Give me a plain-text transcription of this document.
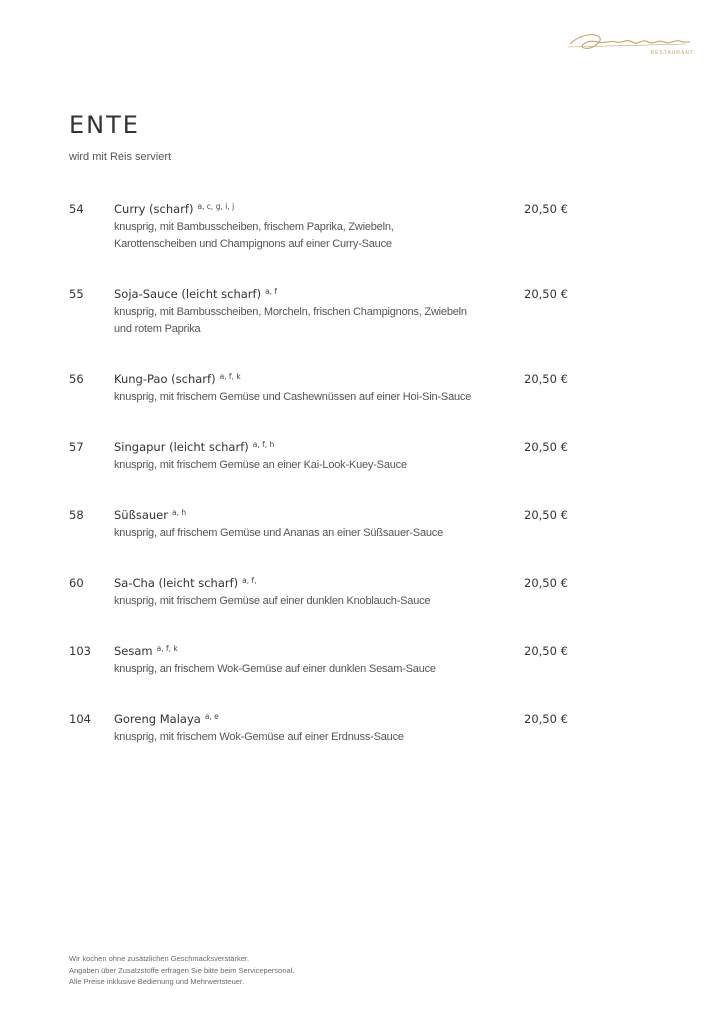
RESTAURANT
ENTE
wird mit Reis serviert
54	Curry (scharf) $^{a, c, g, i, j}$	20,50 €
knusprig, mit Bambusscheiben, frischem Paprika, Zwiebeln, Karottenscheiben und Champignons auf einer Curry-Sauce
55	Soja-Sauce (leicht scharf) $^{a, f}$	20,50 €
knusprig, mit Bambusscheiben, Morcheln, frischen Champignons, Zwiebeln und rotem Paprika
56	Kung-Pao (scharf) $^{a, f, k}$	20,50 €
knusprig, mit frischem Gemüse und Cashewnüssen auf einer Hoi-Sin-Sauce
57	Singapur (leicht scharf) $^{a, f, h}$	20,50 €
knusprig, mit frischem Gemüse an einer Kai-Look-Kuey-Sauce
58	Süßsauer $^{a, h}$	20,50 €
knusprig, auf frischem Gemüse und Ananas an einer Süßsauer-Sauce
60	Sa-Cha (leicht scharf) $^{a, f,}$	20,50 €
knusprig, mit frischem Gemüse auf einer dunklen Knoblauch-Sauce
103 Sesam $^{a, f, k}$	20,50 €
knusprig, an frischem Wok-Gemüse auf einer dunklen Sesam-Sauce
104 Goreng Malaya $^{a, e}$	20,50 €
knusprig, mit frischem Wok-Gemüse auf einer Erdnuss-Sauce
Wir kochen ohne zusätzlichen Geschmacksverstärker.
Angaben über Zusatzstoffe erfragen Sie bitte beim Servicepersonal.
Alle Preise inklusive Bedienung und Mehrwertsteuer.
